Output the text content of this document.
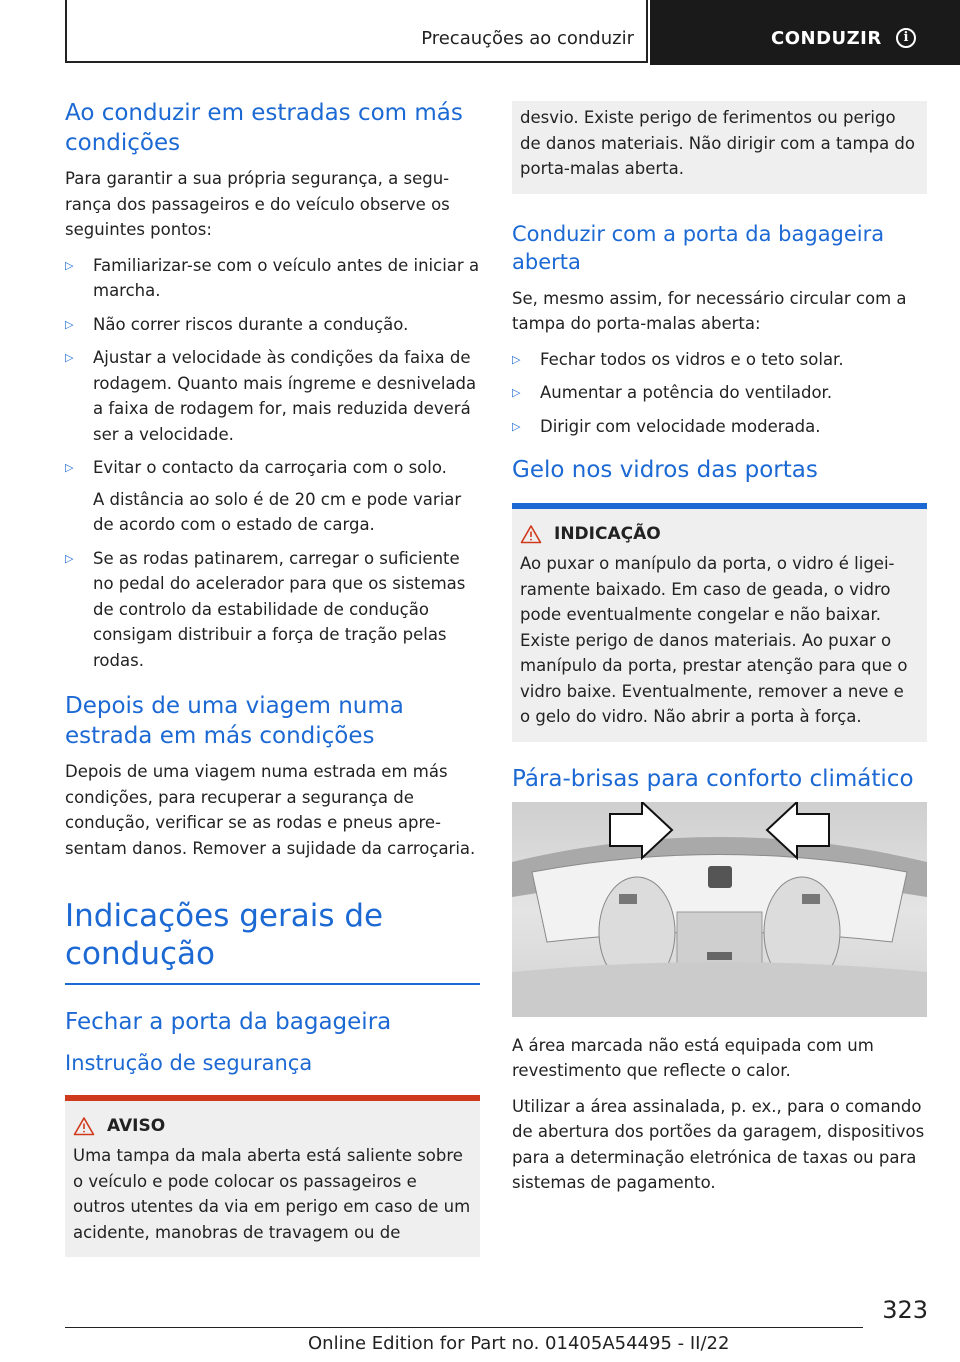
Precauções ao conduzir	CONDUZIR	i
Ao conduzir em estradas com más condições

Para garantir a sua própria segurança, a segurança dos passageiros e do veículo observe os seguintes pontos:

▷ Familiarizar-se com o veículo antes de iniciar a marcha.
▷ Não correr riscos durante a condução.
▷ Ajustar a velocidade às condições da faixa de rodagem. Quanto mais íngreme e desnivelada a faixa de rodagem for, mais reduzida deverá ser a velocidade.
▷ Evitar o contacto da carroçaria com o solo.
A distância ao solo é de 20 cm e pode variar de acordo com o estado de carga.
▷ Se as rodas patinarem, carregar o suficiente no pedal do acelerador para que os sistemas de controlo da estabilidade de condução consigam distribuir a força de tração pelas rodas.
Depois de uma viagem numa estrada em más condições

Depois de uma viagem numa estrada em más condições, para recuperar a segurança de condução, verificar se as rodas e pneus apresentam danos. Remover a sujidade da carroçaria.

Indicações gerais de condução
Fechar a porta da bagageira
Instrução de segurança
AVISO

Uma tampa da mala aberta está saliente sobre o veículo e pode colocar os passageiros e outros utentes da via em perigo em caso de um acidente, manobras de travagem ou de

desvio. Existe perigo de ferimentos ou perigo de danos materiais. Não dirigir com a tampa do porta-malas aberta.

Conduzir com a porta da bagageira aberta

Se, mesmo assim, for necessário circular com a tampa do porta-malas aberta:

▷ Fechar todos os vidros e o teto solar.
▷ Aumentar a potência do ventilador.
▷ Dirigir com velocidade moderada.
Gelo nos vidros das portas
INDICAÇÃO

Ao puxar o manípulo da porta, o vidro é ligeiramente baixado. Em caso de geada, o vidro pode eventualmente congelar e não baixar. Existe perigo de danos materiais. Ao puxar o manípulo da porta, prestar atenção para que o vidro baixe. Eventualmente, remover a neve e o gelo do vidro. Não abrir a porta à força.

Pára-brisas para conforto climático

A área marcada não está equipada com um revestimento que reflecte o calor.

Utilizar a área assinalada, p. ex., para o comando de abertura dos portões da garagem, dispositivos para a determinação eletrónica de taxas ou para sistemas de pagamento.

323
Online Edition for Part no. 01405A54495 - II/22
